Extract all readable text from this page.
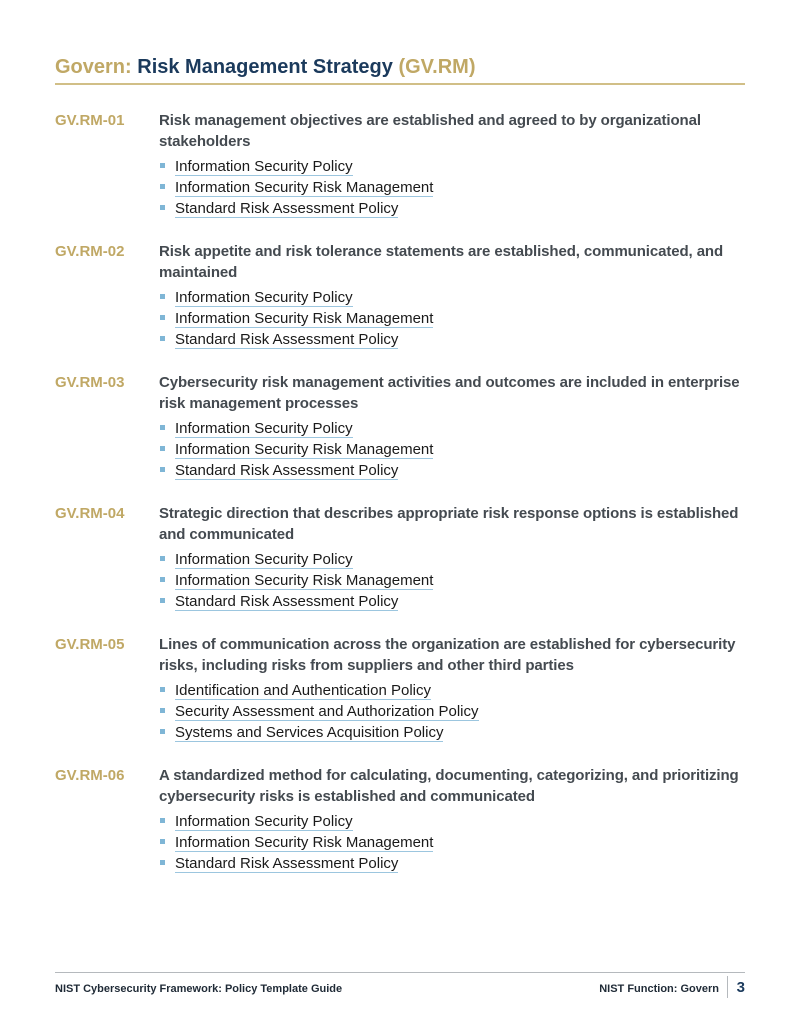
Govern: Risk Management Strategy (GV.RM)
GV.RM-01 Risk management objectives are established and agreed to by organizational stakeholders

Information Security Policy
Information Security Risk Management
Standard Risk Assessment Policy
GV.RM-02 Risk appetite and risk tolerance statements are established, communicated, and maintained

Information Security Policy
Information Security Risk Management
Standard Risk Assessment Policy
GV.RM-03 Cybersecurity risk management activities and outcomes are included in enterprise risk management processes

Information Security Policy
Information Security Risk Management
Standard Risk Assessment Policy
GV.RM-04 Strategic direction that describes appropriate risk response options is established and communicated

Information Security Policy
Information Security Risk Management
Standard Risk Assessment Policy
GV.RM-05 Lines of communication across the organization are established for cybersecurity risks, including risks from suppliers and other third parties

Identification and Authentication Policy
Security Assessment and Authorization Policy
Systems and Services Acquisition Policy
GV.RM-06 A standardized method for calculating, documenting, categorizing, and prioritizing cybersecurity risks is established and communicated

Information Security Policy
Information Security Risk Management
Standard Risk Assessment Policy
NIST Cybersecurity Framework: Policy Template Guide	NIST Function: Govern 3
